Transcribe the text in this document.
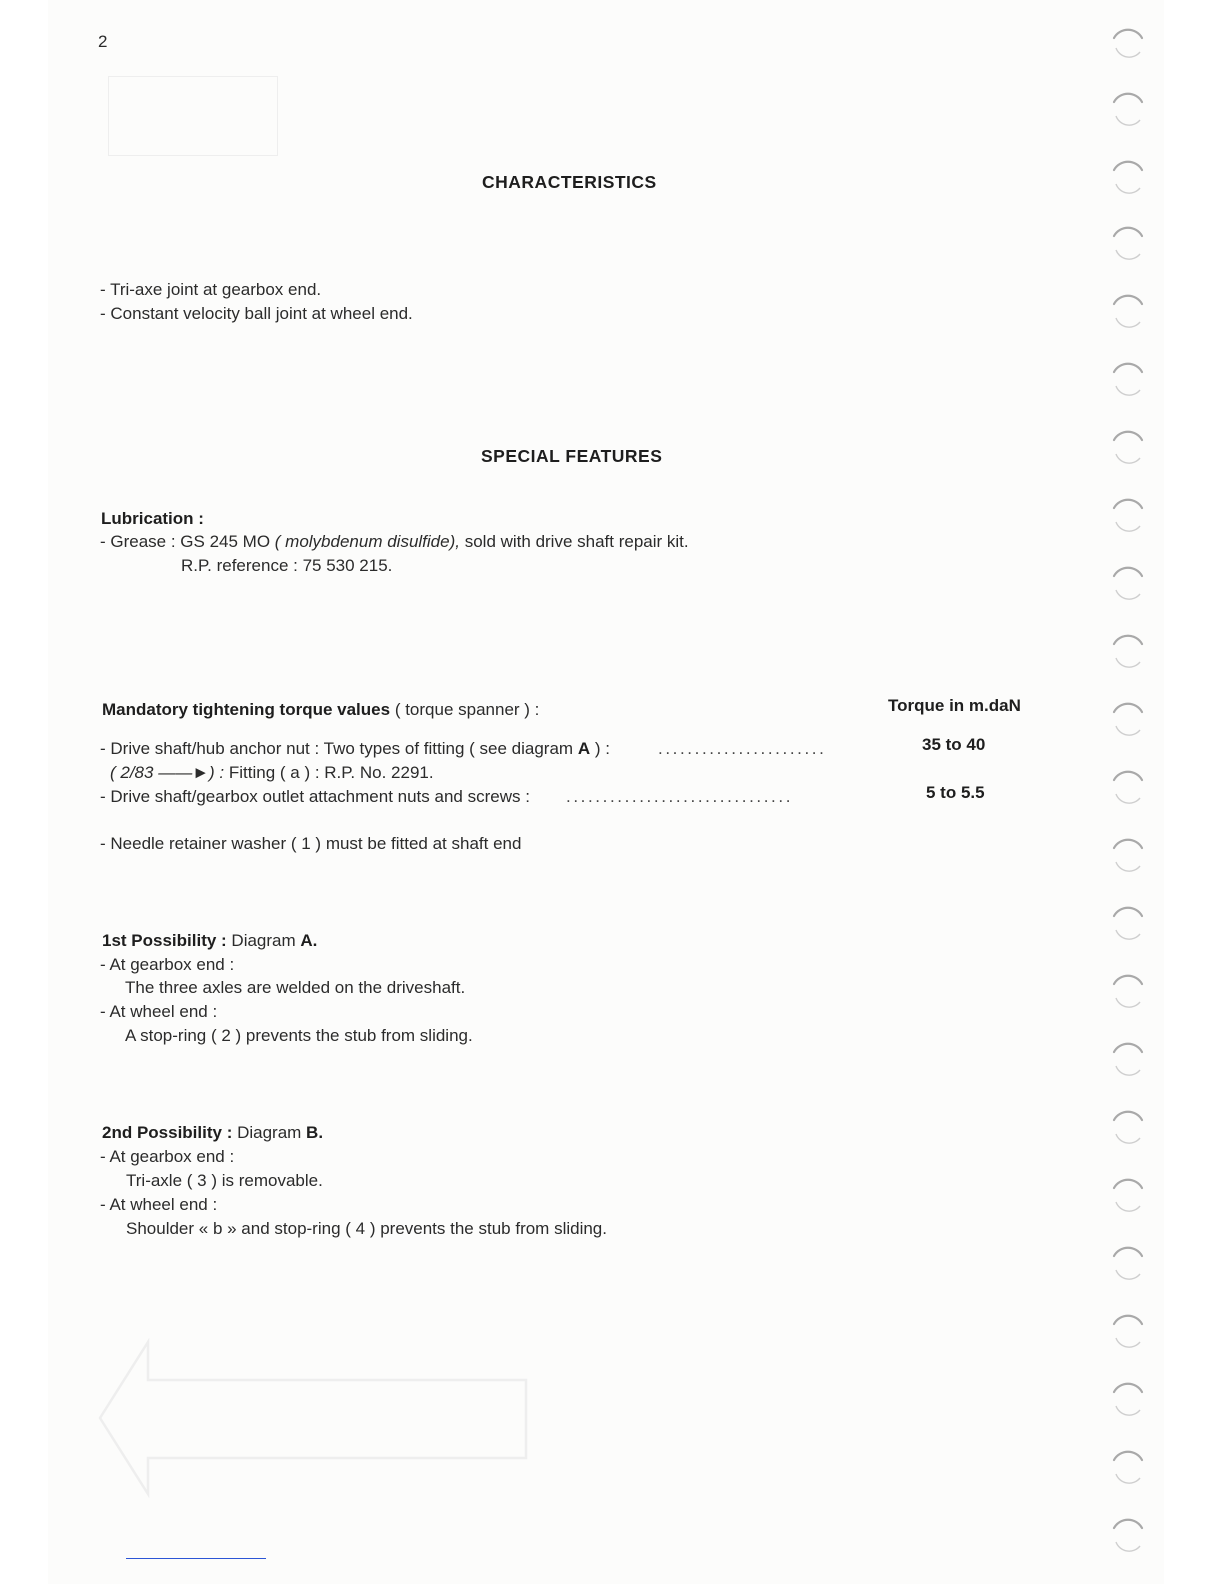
2
CHARACTERISTICS
- Tri-axe joint at gearbox end.
- Constant velocity ball joint at wheel end.
SPECIAL FEATURES
Lubrication :
- Grease : GS 245 MO ( molybdenum disulfide), sold with drive shaft repair kit.
R.P. reference : 75 530 215.
Mandatory tightening torque values ( torque spanner ) :	Torque in m.daN
- Drive shaft/hub anchor nut : Two types of fitting ( see diagram A ) :	.......................	35 to 40
( 2/83 ——►) : Fitting ( a ) : R.P. No. 2291.
- Drive shaft/gearbox outlet attachment nuts and screws : ...............................	5 to 5.5
- Needle retainer washer ( 1 ) must be fitted at shaft end
1st Possibility : Diagram A.
- At gearbox end :
The three axles are welded on the driveshaft.
- At wheel end :
A stop-ring ( 2 ) prevents the stub from sliding.
2nd Possibility : Diagram B.
- At gearbox end :
Tri-axle ( 3 ) is removable.
- At wheel end :
Shoulder « b » and stop-ring ( 4 ) prevents the stub from sliding.
